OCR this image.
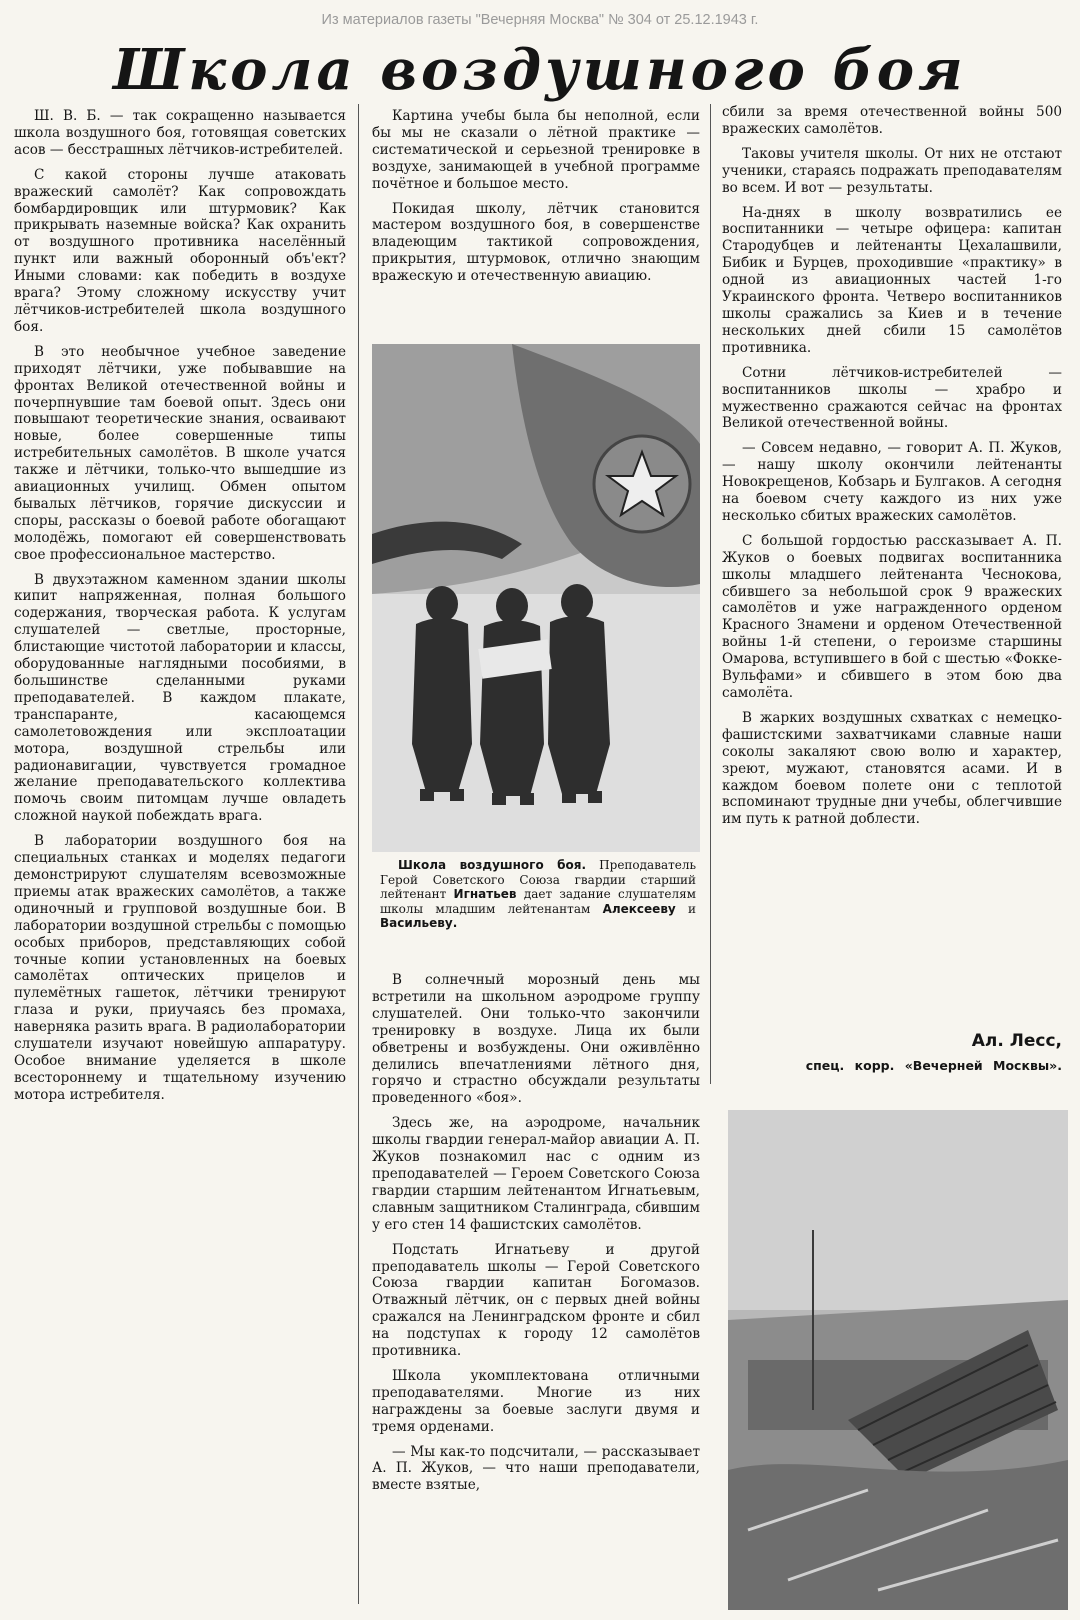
Из материалов газеты "Вечерняя Москва" № 304 от 25.12.1943 г.
Школа воздушного боя

Ш. В. Б. — так сокращенно называется школа воздушного боя, готовящая советских асов — бесстрашных лётчиков-истребителей.

С какой стороны лучше атаковать вражеский самолёт? Как сопровождать бомбардировщик или штурмовик? Как прикрывать наземные войска? Как охранить от воздушного противника населённый пункт или важный оборонный объ'ект? Иными словами: как победить в воздухе врага? Этому сложному искусству учит лётчиков-истребителей школа воздушного боя.

В это необычное учебное заведение приходят лётчики, уже побывавшие на фронтах Великой отечественной войны и почерпнувшие там боевой опыт. Здесь они повышают теоретические знания, осваивают новые, более совершенные типы истребительных самолётов. В школе учатся также и лётчики, только-что вышедшие из авиационных училищ. Обмен опытом бывалых лётчиков, горячие дискуссии и споры, рассказы о боевой работе обогащают молодёжь, помогают ей совершенствовать свое профессиональное мастерство.

В двухэтажном каменном здании школы кипит напряженная, полная большого содержания, творческая работа. К услугам слушателей — светлые, просторные, блистающие чистотой лаборатории и классы, оборудованные наглядными пособиями, в большинстве сделанными руками преподавателей. В каждом плакате, транспаранте, касающемся самолетовождения или эксплоатации мотора, воздушной стрельбы или радионавигации, чувствуется громадное желание преподавательского коллектива помочь своим питомцам лучше овладеть сложной наукой побеждать врага.

В лаборатории воздушного боя на специальных станках и моделях педагоги демонстрируют слушателям всевозможные приемы атак вражеских самолётов, а также одиночный и групповой воздушные бои. В лаборатории воздушной стрельбы с помощью особых приборов, представляющих собой точные копии установленных на боевых самолётах оптических прицелов и пулемётных гашеток, лётчики тренируют глаза и руки, приучаясь без промаха, наверняка разить врага. В радиолаборатории слушатели изучают новейшую аппаратуру. Особое внимание уделяется в школе всестороннему и тщательному изучению мотора истребителя.

Картина учебы была бы неполной, если бы мы не сказали о лётной практике — систематической и серьезной тренировке в воздухе, занимающей в учебной программе почётное и большое место.

Покидая школу, лётчик становится мастером воздушного боя, в совершенстве владеющим тактикой сопровождения, прикрытия, штурмовок, отлично знающим вражескую и отечественную авиацию.

Школа воздушного боя. Преподаватель Герой Советского Союза гвардии старший лейтенант Игнатьев дает задание слушателям школы младшим лейтенантам Алексееву и Васильеву.

В солнечный морозный день мы встретили на школьном аэродроме группу слушателей. Они только-что закончили тренировку в воздухе. Лица их были обветрены и возбуждены. Они оживлённо делились впечатлениями лётного дня, горячо и страстно обсуждали результаты проведенного «боя».

Здесь же, на аэродроме, начальник школы гвардии генерал-майор авиации А. П. Жуков познакомил нас с одним из преподавателей — Героем Советского Союза гвардии старшим лейтенантом Игнатьевым, славным защитником Сталинграда, сбившим у его стен 14 фашистских самолётов.

Подстать Игнатьеву и другой преподаватель школы — Герой Советского Союза гвардии капитан Богомазов. Отважный лётчик, он с первых дней войны сражался на Ленинградском фронте и сбил на подступах к городу 12 самолётов противника.

Школа укомплектована отличными преподавателями. Многие из них награждены за боевые заслуги двумя и тремя орденами.

— Мы как-то подсчитали, — рассказывает А. П. Жуков, — что наши преподаватели, вместе взятые,

сбили за время отечественной войны 500 вражеских самолётов.

Таковы учителя школы. От них не отстают ученики, стараясь подражать преподавателям во всем. И вот — результаты.

На-днях в школу возвратились ее воспитанники — четыре офицера: капитан Стародубцев и лейтенанты Цехалашвили, Бибик и Бурцев, проходившие «практику» в одной из авиационных частей 1-го Украинского фронта. Четверо воспитанников школы сражались за Киев и в течение нескольких дней сбили 15 самолётов противника.

Сотни лётчиков-истребителей — воспитанников школы — храбро и мужественно сражаются сейчас на фронтах Великой отечественной войны.

— Совсем недавно, — говорит А. П. Жуков, — нашу школу окончили лейтенанты Новокрещенов, Кобзарь и Булгаков. А сегодня на боевом счету каждого из них уже несколько сбитых вражеских самолётов.

С большой гордостью рассказывает А. П. Жуков о боевых подвигах воспитанника школы младшего лейтенанта Чеснокова, сбившего за небольшой срок 9 вражеских самолётов и уже награжденного орденом Красного Знамени и орденом Отечественной войны 1-й степени, о героизме старшины Омарова, вступившего в бой с шестью «Фокке-Вульфами» и сбившего в этом бою два самолёта.

В жарких воздушных схватках с немецко-фашистскими захватчиками славные наши соколы закаляют свою волю и характер, зреют, мужают, становятся асами. И в каждом боевом полете они с теплотой вспоминают трудные дни учебы, облегчившие им путь к ратной доблести.

Ал. Лесс,
спец. корр. «Вечерней Москвы».
